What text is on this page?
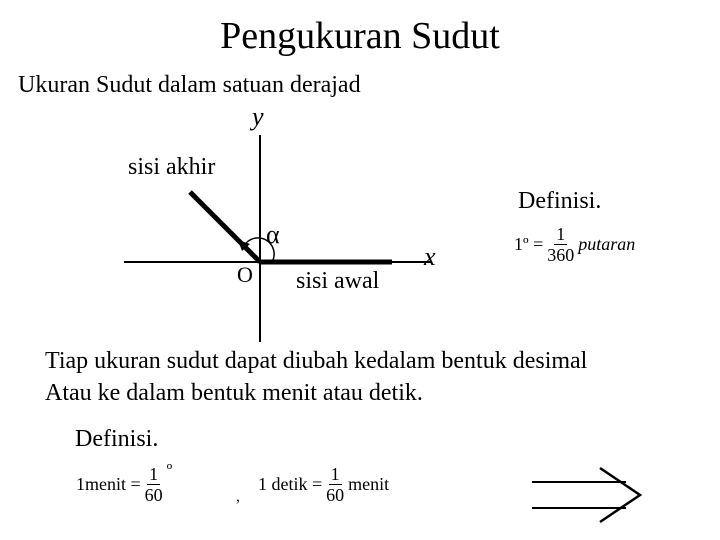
Pengukuran Sudut
Ukuran Sudut dalam satuan derajad
y
x
sisi akhir
α
O sisi awal
Definisi.
1º = $\frac{1}{360}$ putaran
Tiap ukuran sudut dapat diubah kedalam bentuk desimal
Atau ke dalam bentuk menit atau detik.
Definisi.
1menit = $\frac{1}{60}$ º
,
1 detik = $\frac{1}{60}$ menit
